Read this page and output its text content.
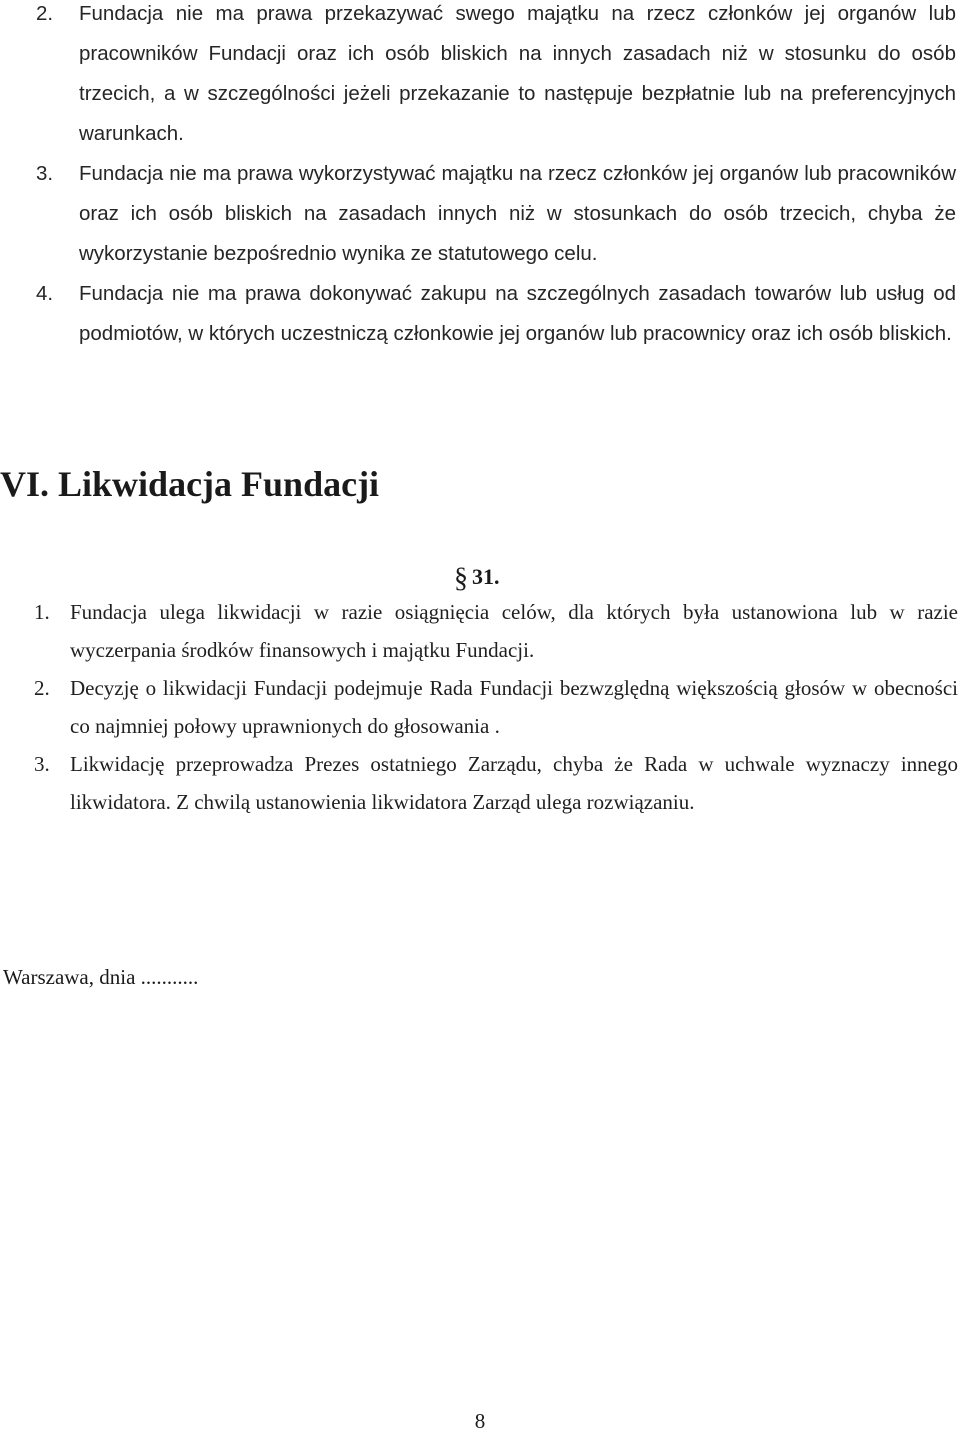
2.	Fundacja nie ma prawa przekazywać swego majątku na rzecz członków jej organów lub pracowników Fundacji oraz ich osób bliskich na innych zasadach niż w stosunku do osób trzecich, a w szczególności jeżeli przekazanie to następuje bezpłatnie lub na preferencyjnych warunkach.
3.	Fundacja nie ma prawa wykorzystywać majątku na rzecz członków jej organów lub pracowników oraz ich osób bliskich na zasadach innych niż w stosunkach do osób trzecich, chyba że wykorzystanie bezpośrednio wynika ze statutowego celu.
4.	Fundacja nie ma prawa dokonywać zakupu na szczególnych zasadach towarów lub usług od podmiotów, w których uczestniczą członkowie jej organów lub pracownicy oraz ich osób bliskich.
VI. Likwidacja Fundacji
§ 31.
1. Fundacja ulega likwidacji w razie osiągnięcia celów, dla których była ustanowiona lub w razie wyczerpania środków finansowych i majątku Fundacji.
2. Decyzję o likwidacji Fundacji podejmuje Rada Fundacji bezwzględną większością głosów w obecności co najmniej połowy uprawnionych do głosowania .
3. Likwidację przeprowadza Prezes ostatniego Zarządu, chyba że Rada w uchwale wyznaczy innego likwidatora. Z chwilą ustanowienia likwidatora Zarząd ulega rozwiązaniu.
Warszawa, dnia ...........
8
